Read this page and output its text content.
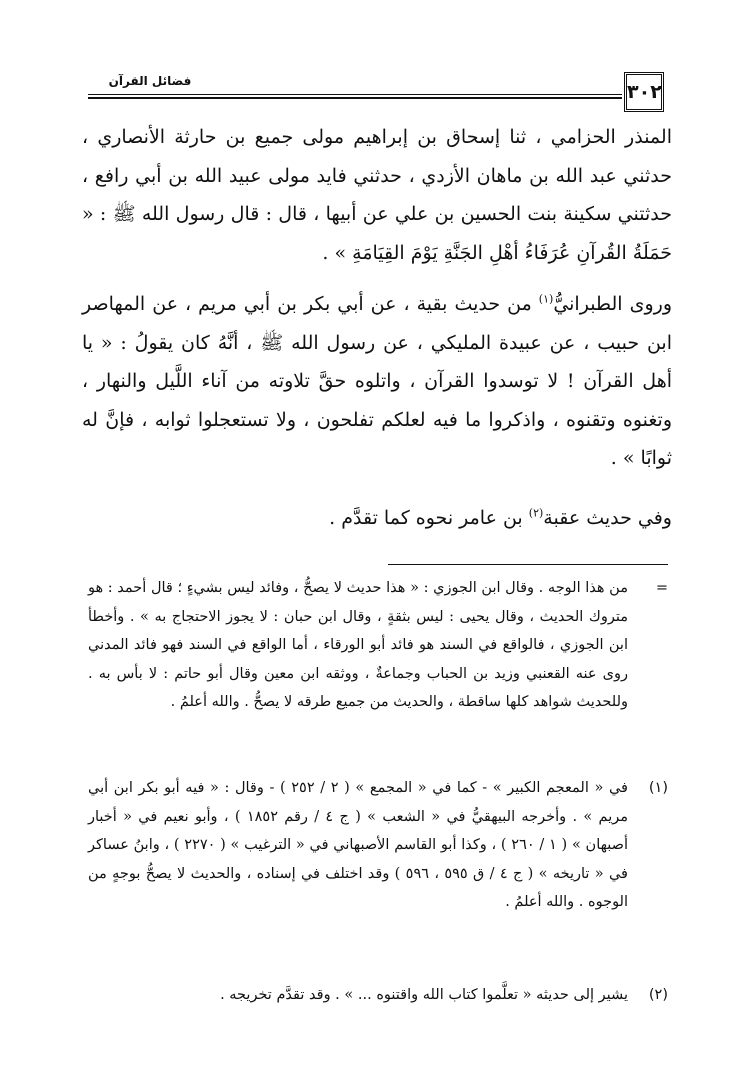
فضائل القرآن	٣٠٢

المنذر الحزامي ، ثنا إسحاق بن إبراهيم مولى جميع بن حارثة الأنصاري ، حدثني عبد الله بن ماهان الأزدي ، حدثني فايد مولى عبيد الله بن أبي رافع ، حدثتني سكينة بنت الحسين بن علي عن أبيها ، قال : قال رسول الله ﷺ : « حَمَلَةُ القُرآنِ عُرَفَاءُ أهْلِ الجَنَّةِ يَوْمَ القِيَامَةِ » .

وروى الطبرانيُّ$^{(١)}$ من حديث بقية ، عن أبي بكر بن أبي مريم ، عن المهاصر ابن حبيب ، عن عبيدة المليكي ، عن رسول الله ﷺ ، أنَّهُ كان يقولُ : « يا أهل القرآن ! لا توسدوا القرآن ، واتلوه حقَّ تلاوته من آناء اللَّيل والنهار ، وتغنوه وتقنوه ، واذكروا ما فيه لعلكم تفلحون ، ولا تستعجلوا ثوابه ، فإنَّ له ثوابًا » .

وفي حديث عقبة$^{(٢)}$ بن عامر نحوه كما تقدَّم .

=
من هذا الوجه . وقال ابن الجوزي : « هذا حديث لا يصحُّ ، وفائد ليس بشيءٍ ؛ قال أحمد : هو متروك الحديث ، وقال يحيى : ليس بثقةٍ ، وقال ابن حبان : لا يجوز الاحتجاج به » . وأخطأ ابن الجوزي ، فالواقع في السند هو فائد أبو الورقاء ، أما الواقع في السند فهو فائد المدني روى عنه القعنبي وزيد بن الحباب وجماعةٌ ، ووثقه ابن معين وقال أبو حاتم : لا بأس به . وللحديث شواهد كلها ساقطة ، والحديث من جميع طرقه لا يصحُّ . والله أعلمُ .
(١)
في « المعجم الكبير » - كما في « المجمع » ( ٢ / ٢٥٢ ) - وقال : « فيه أبو بكر ابن أبي مريم » . وأخرجه البيهقيُّ في « الشعب » ( ج ٤ / رقم ١٨٥٢ ) ، وأبو نعيم في « أخبار أصبهان » ( ١ / ٢٦٠ ) ، وكذا أبو القاسم الأصبهاني في « الترغيب » ( ٢٢٧٠ ) ، وابنُ عساكر في « تاريخه » ( ج ٤ / ق ٥٩٥ ، ٥٩٦ ) وقد اختلف في إسناده ، والحديث لا يصحُّ بوجهٍ من الوجوه . والله أعلمُ .
(٢)
يشير إلى حديثه « تعلَّموا كتاب الله واقتنوه ... » . وقد تقدَّم تخريجه .
